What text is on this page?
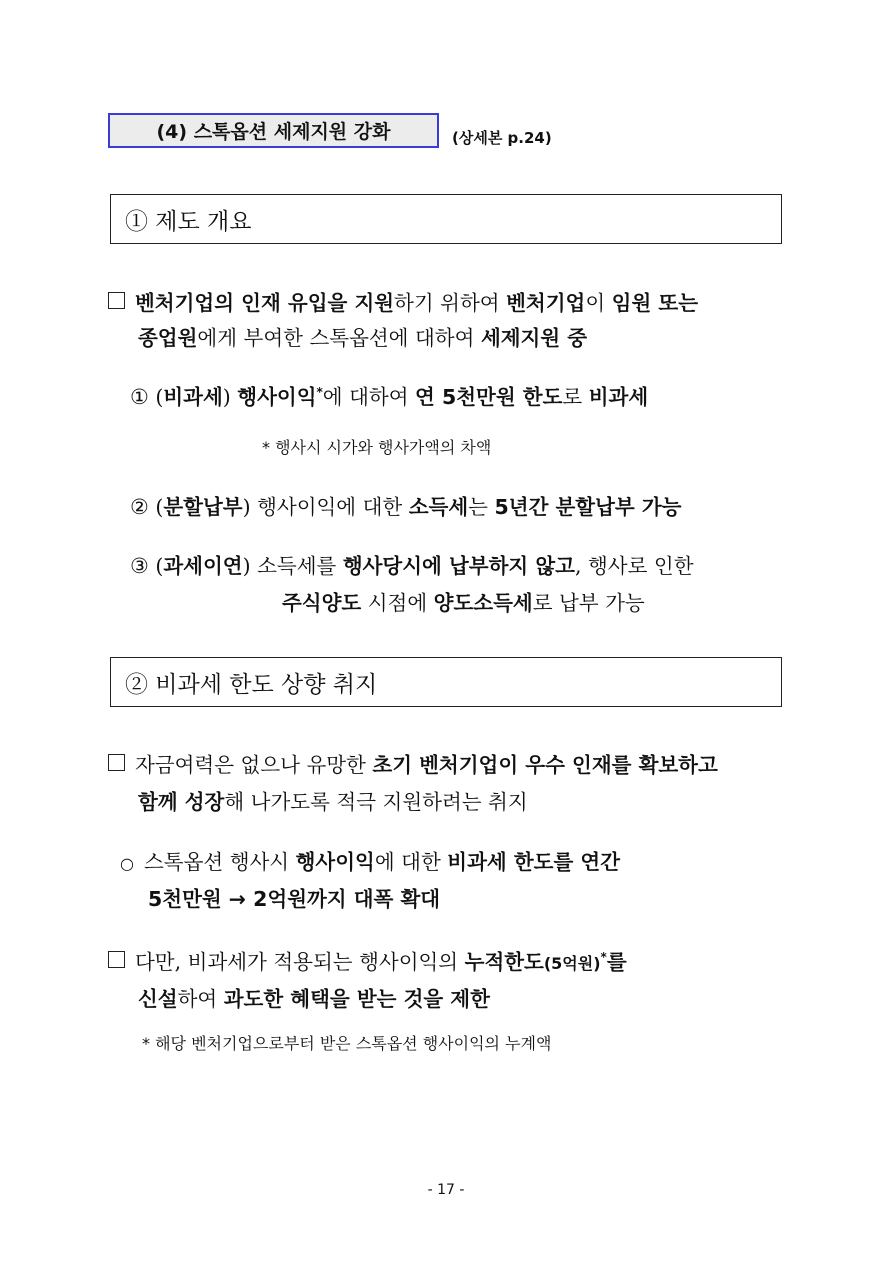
(4) 스톡옵션 세제지원 강화	(상세본 p.24)
① 제도 개요
벤처기업의 인재 유입을 지원하기 위하여 벤처기업이 임원 또는
종업원에게 부여한 스톡옵션에 대하여 세제지원 중
① (비과세) 행사이익*에 대하여 연 5천만원 한도로 비과세
* 행사시 시가와 행사가액의 차액
② (분할납부) 행사이익에 대한 소득세는 5년간 분할납부 가능
③ (과세이연) 소득세를 행사당시에 납부하지 않고, 행사로 인한
주식양도 시점에 양도소득세로 납부 가능
② 비과세 한도 상향 취지
자금여력은 없으나 유망한 초기 벤처기업이 우수 인재를 확보하고
함께 성장해 나가도록 적극 지원하려는 취지
○ 스톡옵션 행사시 행사이익에 대한 비과세 한도를 연간
5천만원 → 2억원까지 대폭 확대
다만, 비과세가 적용되는 행사이익의 누적한도(5억원)*를
신설하여 과도한 혜택을 받는 것을 제한
* 해당 벤처기업으로부터 받은 스톡옵션 행사이익의 누계액
- 17 -
